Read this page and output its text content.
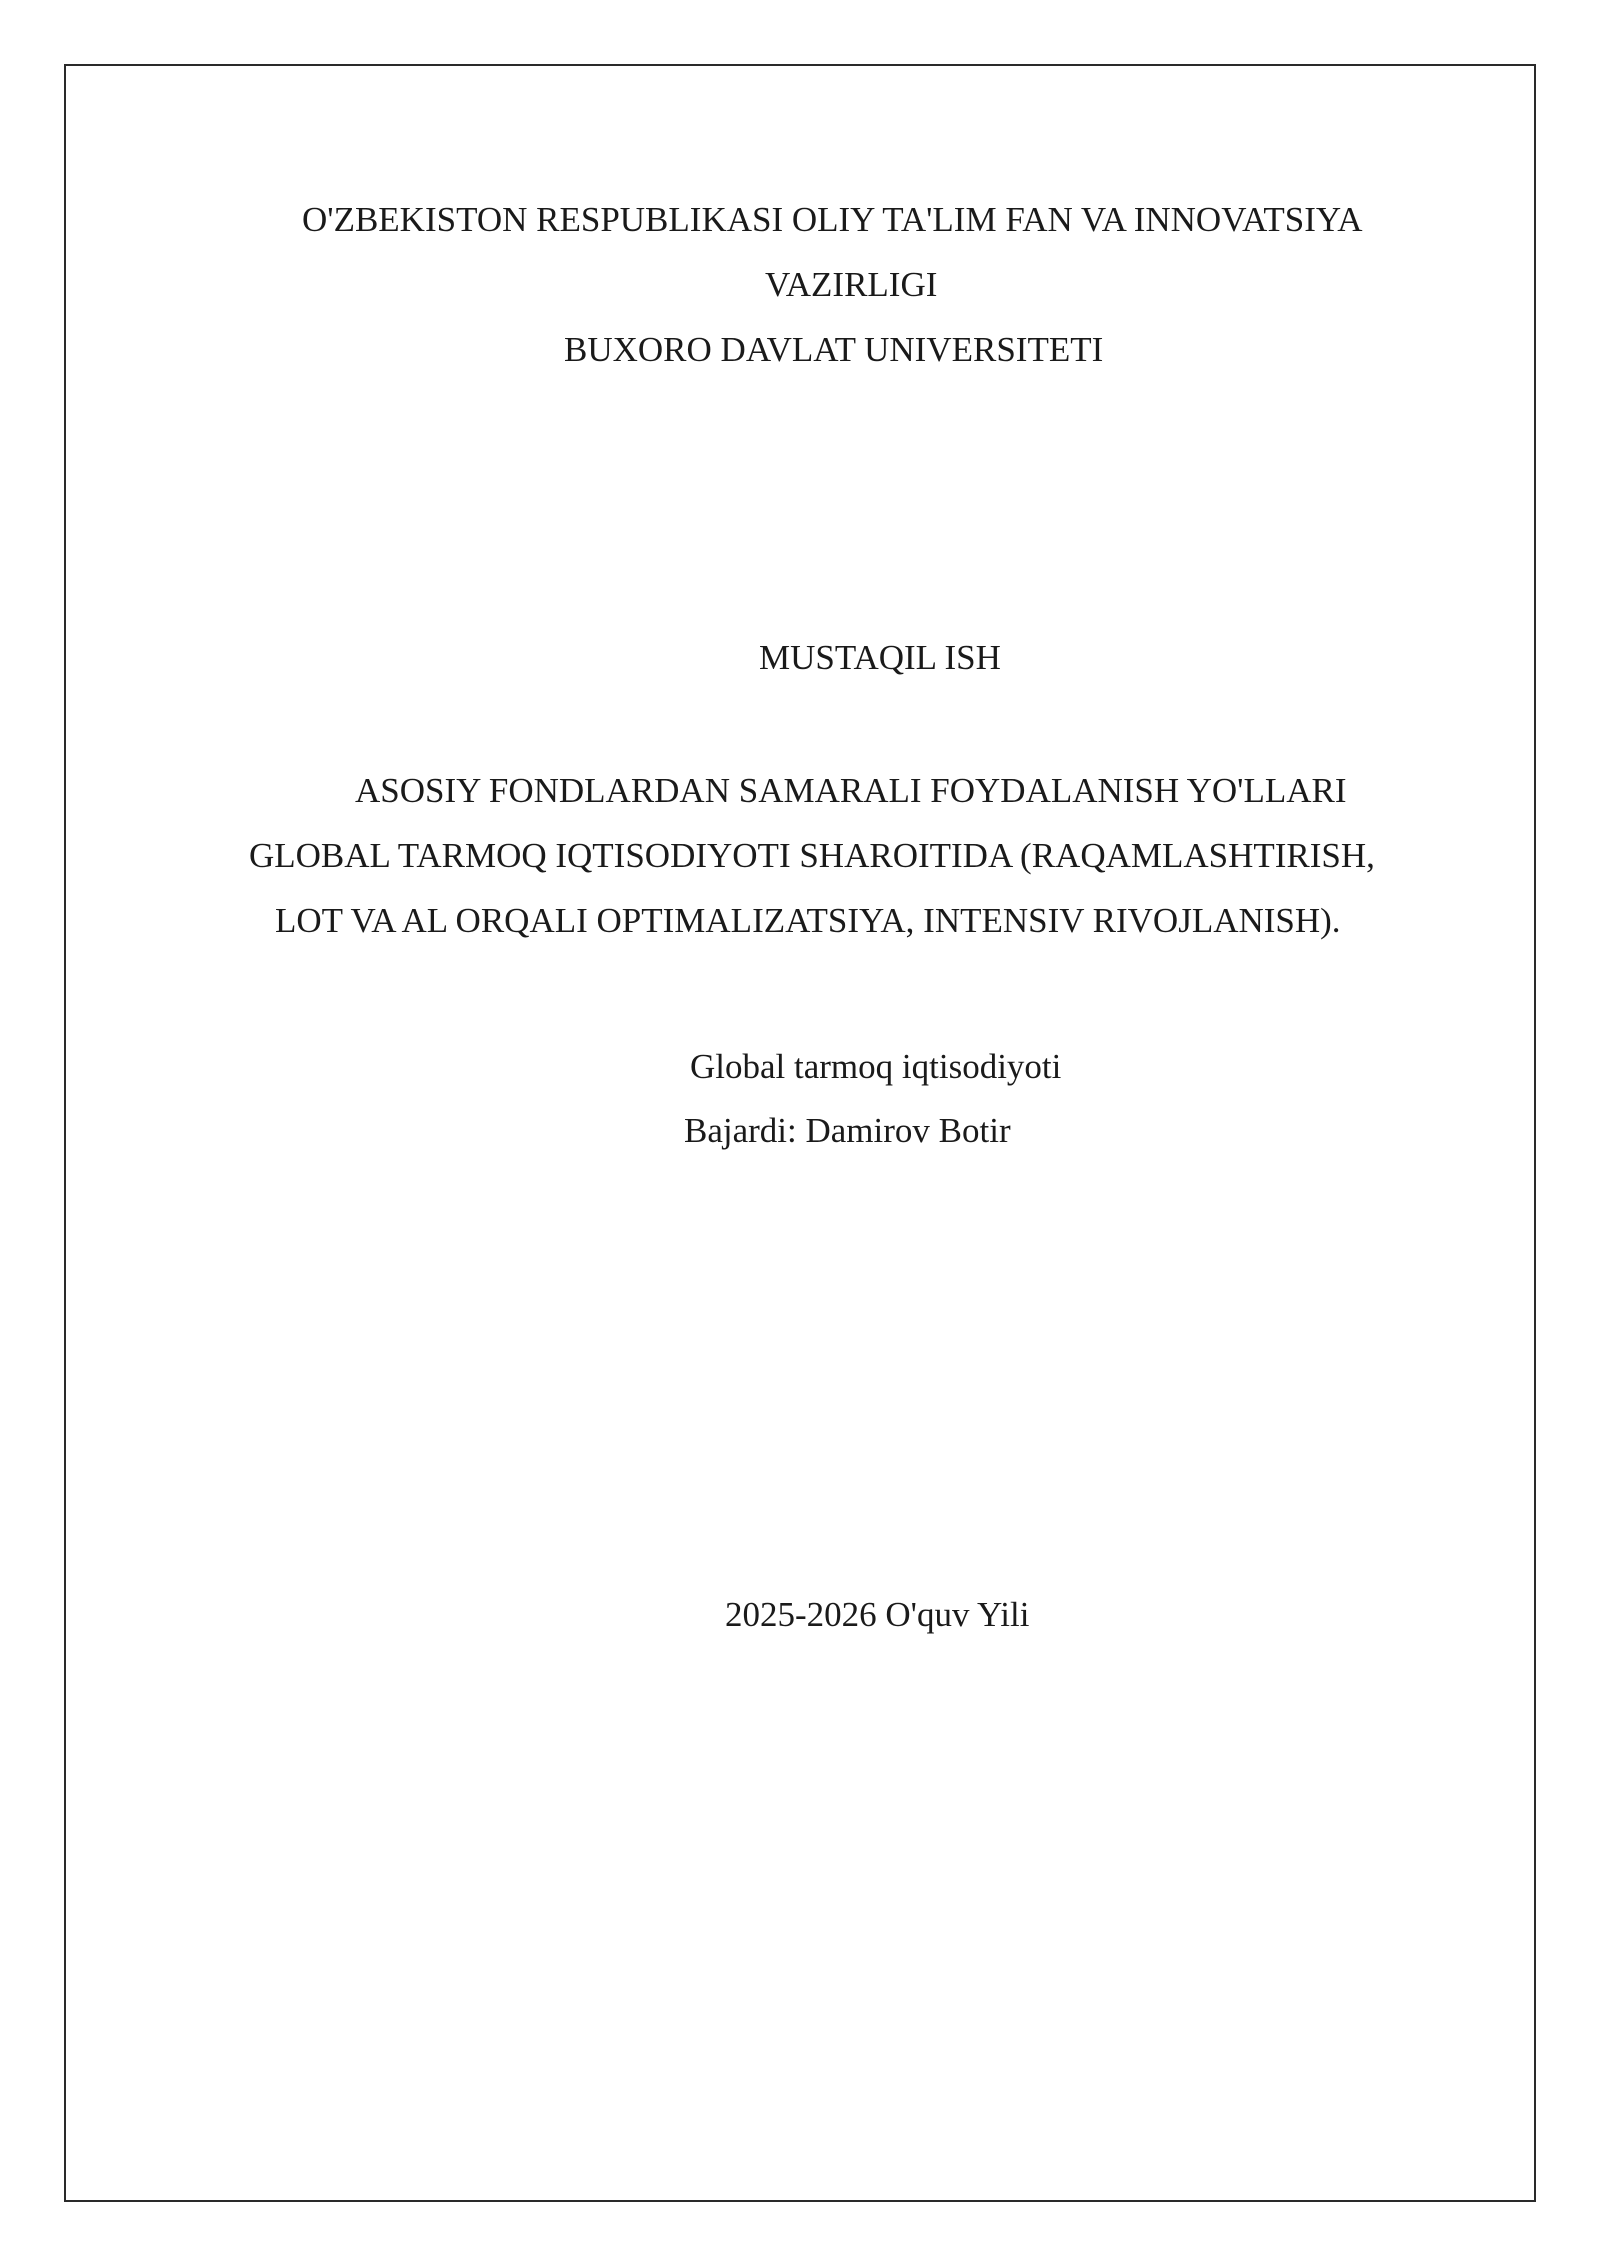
O'ZBEKISTON RESPUBLIKASI OLIY TA'LIM FAN VA INNOVATSIYA
VAZIRLIGI
BUXORO DAVLAT UNIVERSITETI
MUSTAQIL ISH
ASOSIY FONDLARDAN SAMARALI FOYDALANISH YO'LLARI
GLOBAL TARMOQ IQTISODIYOTI SHAROITIDA (RAQAMLASHTIRISH,
LOT VA AL ORQALI OPTIMALIZATSIYA, INTENSIV RIVOJLANISH).
Global tarmoq iqtisodiyoti
Bajardi: Damirov Botir
2025-2026 O'quv Yili
